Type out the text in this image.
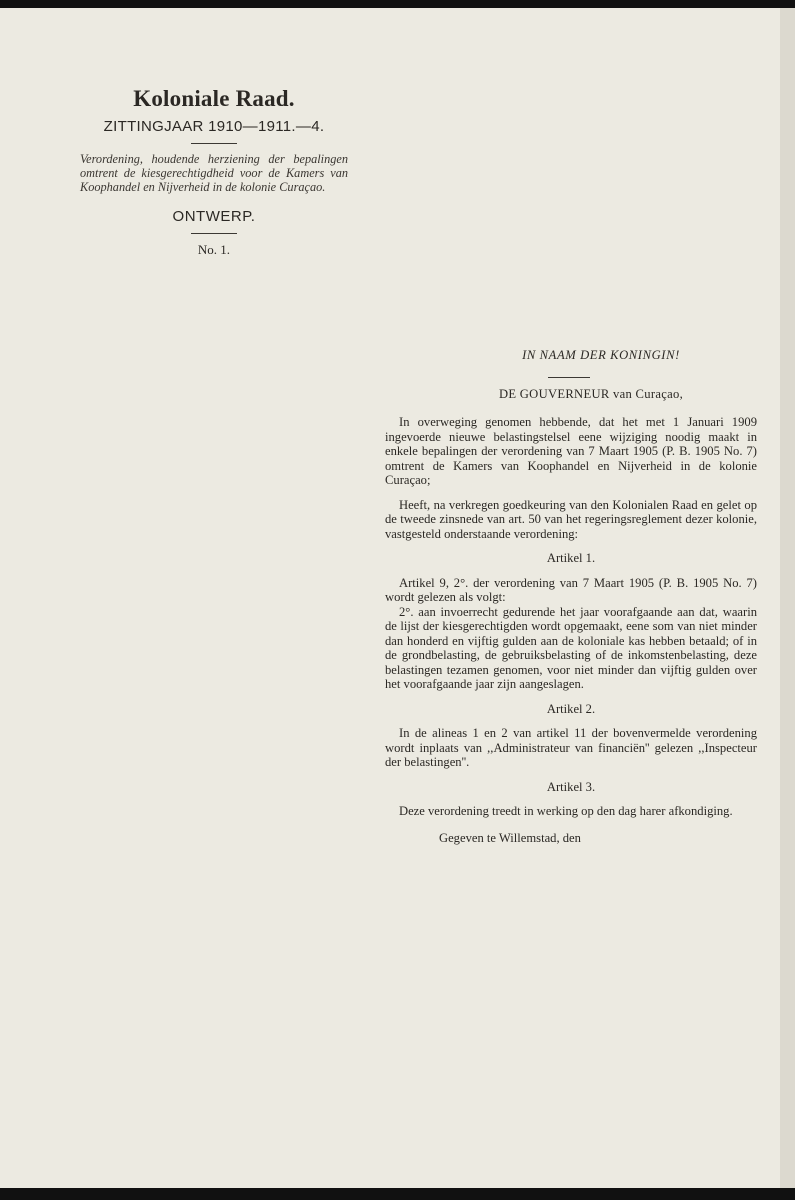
Koloniale Raad.
ZITTINGJAAR 1910—1911.—4.
Verordening, houdende herziening der bepalingen omtrent de kiesgerechtigdheid voor de Kamers van Koophandel en Nijverheid in de kolonie Curaçao.
ONTWERP.
No. 1.
IN NAAM DER KONINGIN!
DE GOUVERNEUR van Curaçao,

In overweging genomen hebbende, dat het met 1 Januari 1909 ingevoerde nieuwe belastingstelsel eene wijziging noodig maakt in enkele bepalingen der verordening van 7 Maart 1905 (P. B. 1905 No. 7) omtrent de Kamers van Koophandel en Nijverheid in de kolonie Curaçao;

Heeft, na verkregen goedkeuring van den Kolonialen Raad en gelet op de tweede zinsnede van art. 50 van het regeringsreglement dezer kolonie, vastgesteld onderstaande verordening:

Artikel 1.

Artikel 9, 2°. der verordening van 7 Maart 1905 (P. B. 1905 No. 7) wordt gelezen als volgt:

2°. aan invoerrecht gedurende het jaar voorafgaande aan dat, waarin de lijst der kiesgerechtigden wordt opgemaakt, eene som van niet minder dan honderd en vijftig gulden aan de koloniale kas hebben betaald; of in de grondbelasting, de gebruiksbelasting of de inkomstenbelasting, deze belastingen tezamen genomen, voor niet minder dan vijftig gulden over het voorafgaande jaar zijn aangeslagen.

Artikel 2.

In de alineas 1 en 2 van artikel 11 der bovenvermelde verordening wordt inplaats van ,,Administrateur van financiën'' gelezen ,,Inspecteur der belastingen''.

Artikel 3.

Deze verordening treedt in werking op den dag harer afkondiging.

Gegeven te Willemstad, den
